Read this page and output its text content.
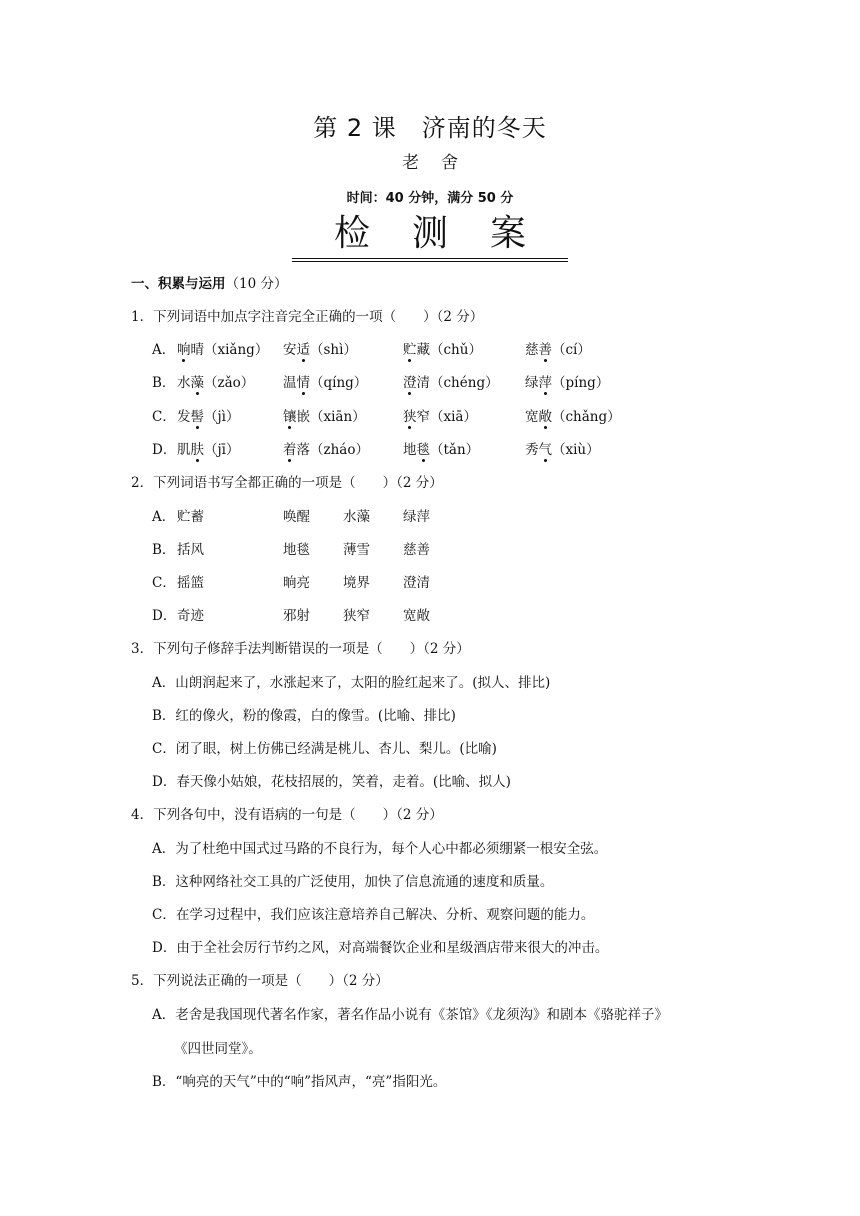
第 2 课　济南的冬天
老舍
时间：40 分钟，满分 50 分
检测案
一、积累与运用（10 分）
1．下列词语中加点字注音完全正确的一项（　　）（2 分）
A． 响晴（xiǎng） 安适（shì）	贮藏（chǔ）	慈善（cí）
B． 水藻（zǎo） 温情（qíng）	澄清（chéng） 绿萍（píng）
C． 发髻（jì）	镶嵌（xiān）	狭窄（xiā）	宽敞（chǎng）
D． 肌肤（jī）	着落（zháo）	地毯（tǎn）	秀气（xiù）
2．下列词语书写全都正确的一项是（　　）（2 分）
A． 贮蓄	唤醒 水藻 绿萍
B． 括风	地毯 薄雪 慈善
C． 摇篮	晌亮 境界 澄清
D． 奇迹	邪射 狭窄 宽敞
3．下列句子修辞手法判断错误的一项是（　　）（2 分）
A．山朗润起来了，水涨起来了，太阳的脸红起来了。(拟人、排比)
B．红的像火，粉的像霞，白的像雪。(比喻、排比)
C．闭了眼，树上仿佛已经满是桃儿、杏儿、梨儿。(比喻)
D．春天像小姑娘，花枝招展的，笑着，走着。(比喻、拟人)
4．下列各句中，没有语病的一句是（　　）（2 分）
A．为了杜绝中国式过马路的不良行为，每个人心中都必须绷紧一根安全弦。
B．这种网络社交工具的广泛使用，加快了信息流通的速度和质量。
C．在学习过程中，我们应该注意培养自己解决、分析、观察问题的能力。
D．由于全社会厉行节约之风，对高端餐饮企业和星级酒店带来很大的冲击。
5．下列说法正确的一项是（　　）（2 分）
A．老舍是我国现代著名作家，著名作品小说有《茶馆》《龙须沟》和剧本《骆驼祥子》
《四世同堂》。
B．“响亮的天气”中的“响”指风声，“亮”指阳光。
